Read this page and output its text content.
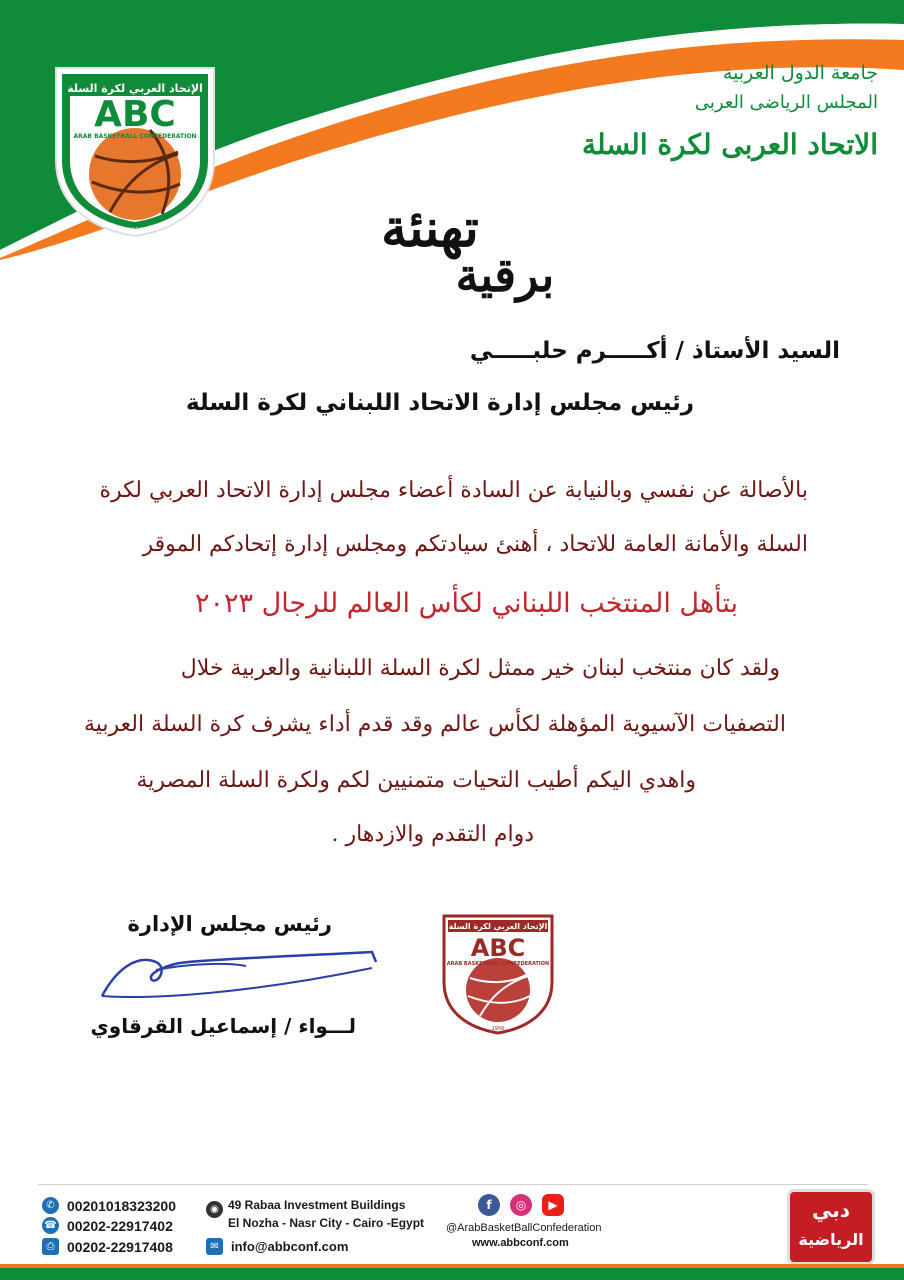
الإتحاد العربي لكرة السلة
ABC
ARAB BASKETBALL CONFEDERATION
1956
جامعة الدول العربية
المجلس الرياضى العربى
الاتحاد العربى لكرة السلة
تهنئة
برقية
السيد الأستاذ / أكـــــرم حلبـــــي
رئيس مجلس إدارة الاتحاد اللبناني لكرة السلة
بالأصالة عن نفسي وبالنيابة عن السادة أعضاء مجلس إدارة الاتحاد العربي لكرة
السلة والأمانة العامة للاتحاد ، أهنئ سيادتكم ومجلس إدارة إتحادكم الموقر
بتأهل المنتخب اللبناني لكأس العالم للرجال ٢٠٢٣
ولقد كان منتخب لبنان خير ممثل لكرة السلة اللبنانية والعربية خلال
التصفيات الآسيوية المؤهلة لكأس عالم وقد قدم أداء يشرف كرة السلة العربية
واهدي اليكم أطيب التحيات متمنيين لكم ولكرة السلة المصرية
دوام التقدم والازدهار .
رئيس مجلس الإدارة
لـــواء / إسماعيل القرقاوي
الإتحاد العربي لكرة السلة
ABC
ARAB BASKETBALL CONFEDERATION
1956
✆ 00201018323200
☎ 00202-22917402
⎙ 00202-22917408
◉ 49 Rabaa Investment Buildings
El Nozha - Nasr City - Cairo -Egypt
✉ info@abbconf.com
f	◎	▶
@ArabBasketBallConfederation
www.abbconf.com
دبي
الرياضية
